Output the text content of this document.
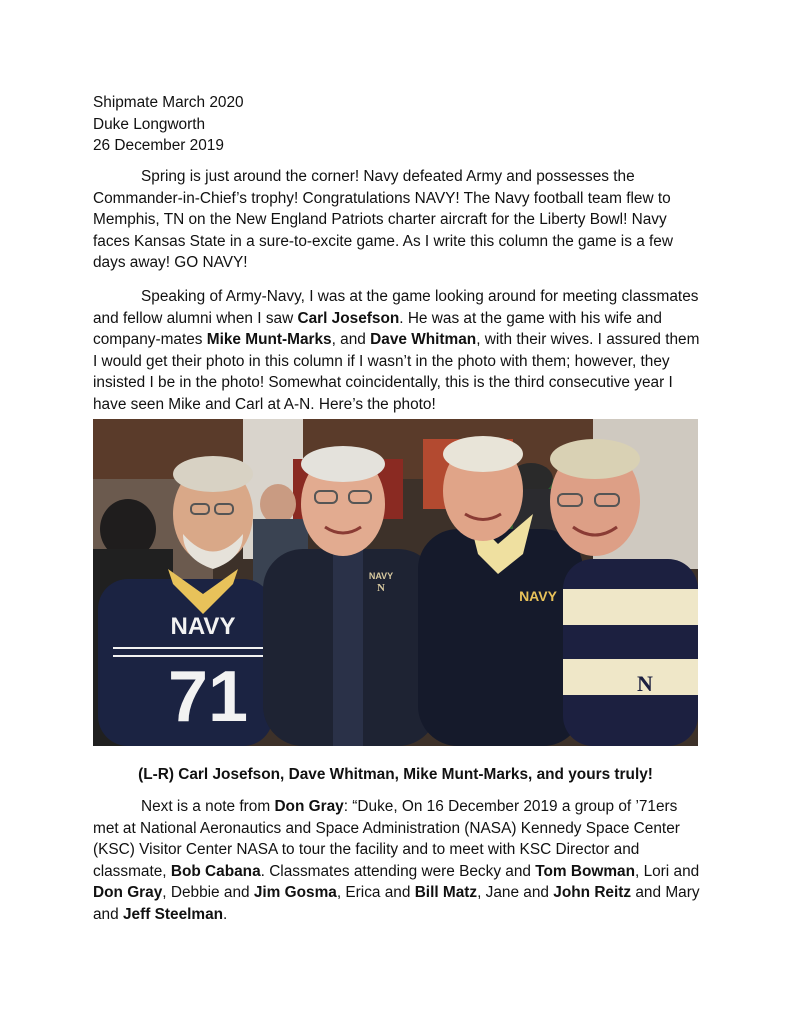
Shipmate March 2020
Duke Longworth
26 December 2019

Spring is just around the corner! Navy defeated Army and possesses the Commander-in-Chief’s trophy! Congratulations NAVY! The Navy football team flew to Memphis, TN on the New England Patriots charter aircraft for the Liberty Bowl! Navy faces Kansas State in a sure-to-excite game. As I write this column the game is a few days away! GO NAVY!

Speaking of Army-Navy, I was at the game looking around for meeting classmates and fellow alumni when I saw Carl Josefson. He was at the game with his wife and company-mates Mike Munt-Marks, and Dave Whitman, with their wives. I assured them I would get their photo in this column if I wasn’t in the photo with them; however, they insisted I be in the photo! Somewhat coincidentally, this is the third consecutive year I have seen Mike and Carl at A-N. Here’s the photo!

NAVY
71
NAVY
N	NAVY
N
(L-R) Carl Josefson, Dave Whitman, Mike Munt-Marks, and yours truly!

Next is a note from Don Gray: “Duke, On 16 December 2019 a group of ’71ers met at National Aeronautics and Space Administration (NASA) Kennedy Space Center (KSC) Visitor Center NASA to tour the facility and to meet with KSC Director and classmate, Bob Cabana. Classmates attending were Becky and Tom Bowman, Lori and Don Gray, Debbie and Jim Gosma, Erica and Bill Matz, Jane and John Reitz and Mary and Jeff Steelman.
